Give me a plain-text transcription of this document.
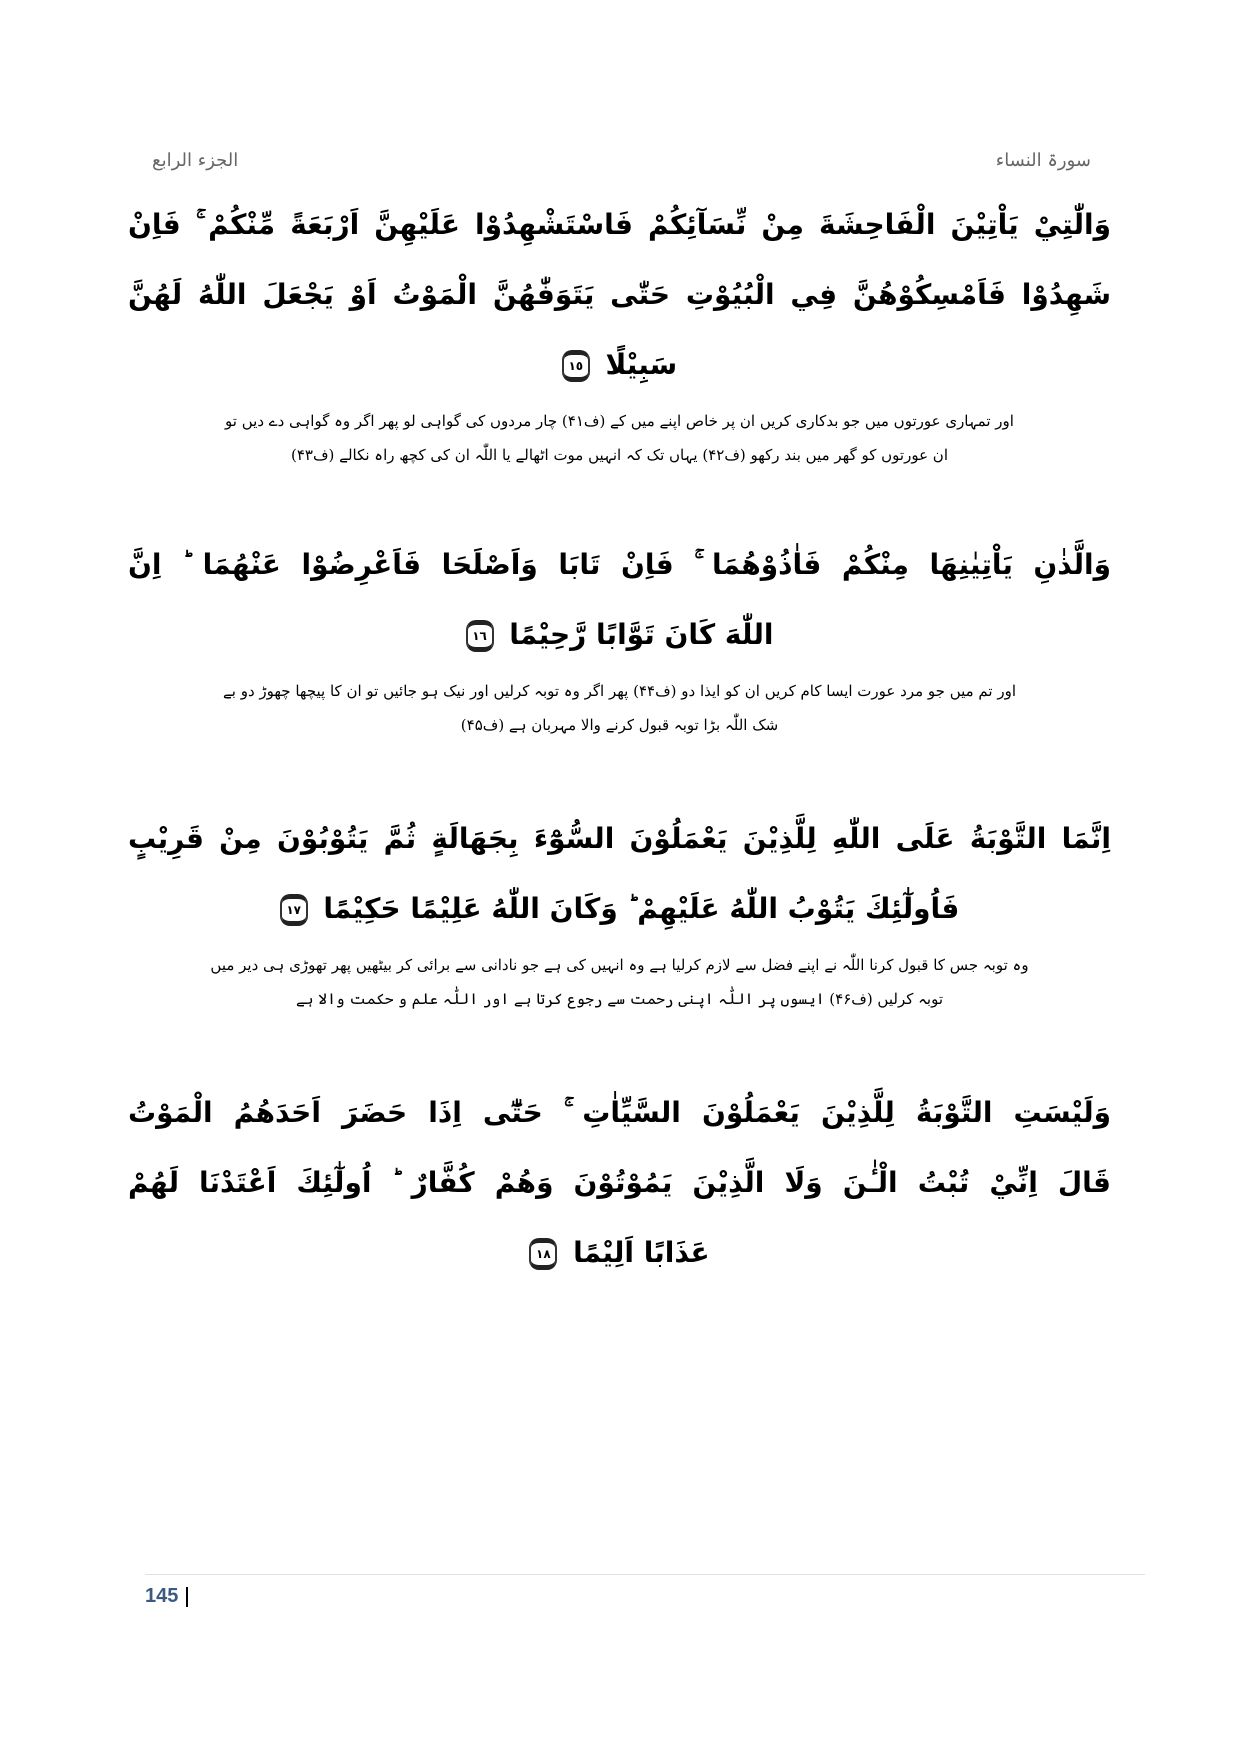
الجزء الرابع	سورۃ النساء
وَالّٰتِيْ يَاْتِيْنَ الْفَاحِشَةَ مِنْ نِّسَآئِكُمْ فَاسْتَشْهِدُوْا عَلَيْهِنَّ اَرْبَعَةً مِّنْكُمْ ۚ فَاِنْ
شَهِدُوْا فَاَمْسِكُوْهُنَّ فِي الْبُيُوْتِ حَتّٰى يَتَوَفّٰهُنَّ الْمَوْتُ اَوْ يَجْعَلَ اللّٰهُ لَهُنَّ
سَبِيْلًا ١٥
اور تمہاری عورتوں میں جو بدکاری کریں ان پر خاص اپنے میں کے (ف۴۱) چار مردوں کی گواہی لو پھر اگر وہ گواہی دے دیں تو
ان عورتوں کو گھر میں بند رکھو (ف۴۲) یہاں تک کہ انہیں موت اٹھالے یا اللّٰہ ان کی کچھ راہ نکالے (ف۴۳)
وَالَّذٰنِ يَاْتِيٰنِهَا مِنْكُمْ فَاٰذُوْهُمَا ۚ فَاِنْ تَابَا وَاَصْلَحَا فَاَعْرِضُوْا عَنْهُمَا ؕ اِنَّ
اللّٰهَ كَانَ تَوَّابًا رَّحِيْمًا ١٦
اور تم میں جو مرد عورت ایسا کام کریں ان کو ایذا دو (ف۴۴) پھر اگر وہ توبہ کرلیں اور نیک ہو جائیں تو ان کا پیچھا چھوڑ دو بے
شک اللّٰہ بڑا توبہ قبول کرنے والا مہربان ہے (ف۴۵)
اِنَّمَا التَّوْبَةُ عَلَى اللّٰهِ لِلَّذِيْنَ يَعْمَلُوْنَ السُّوْٓءَ بِجَهَالَةٍ ثُمَّ يَتُوْبُوْنَ مِنْ قَرِيْبٍ
فَاُولٰٓئِكَ يَتُوْبُ اللّٰهُ عَلَيْهِمْ ؕ وَكَانَ اللّٰهُ عَلِيْمًا حَكِيْمًا ١٧
وہ توبہ جس کا قبول کرنا اللّٰہ نے اپنے فضل سے لازم کرلیا ہے وہ انہیں کی ہے جو نادانی سے برائی کر بیٹھیں پھر تھوڑی ہی دیر میں
توبہ کرلیں (ف۴۶) ایسوں پر اللّٰہ اپنی رحمت سے رجوع کرتا ہے اور اللّٰہ علم و حکمت والا ہے
وَلَيْسَتِ التَّوْبَةُ لِلَّذِيْنَ يَعْمَلُوْنَ السَّيِّاٰتِ ۚ حَتّٰٓى اِذَا حَضَرَ اَحَدَهُمُ الْمَوْتُ
قَالَ اِنِّيْ تُبْتُ الْـٰٔنَ وَلَا الَّذِيْنَ يَمُوْتُوْنَ وَهُمْ كُفَّارٌ ؕ اُولٰٓئِكَ اَعْتَدْنَا لَهُمْ
عَذَابًا اَلِيْمًا ١٨
145
